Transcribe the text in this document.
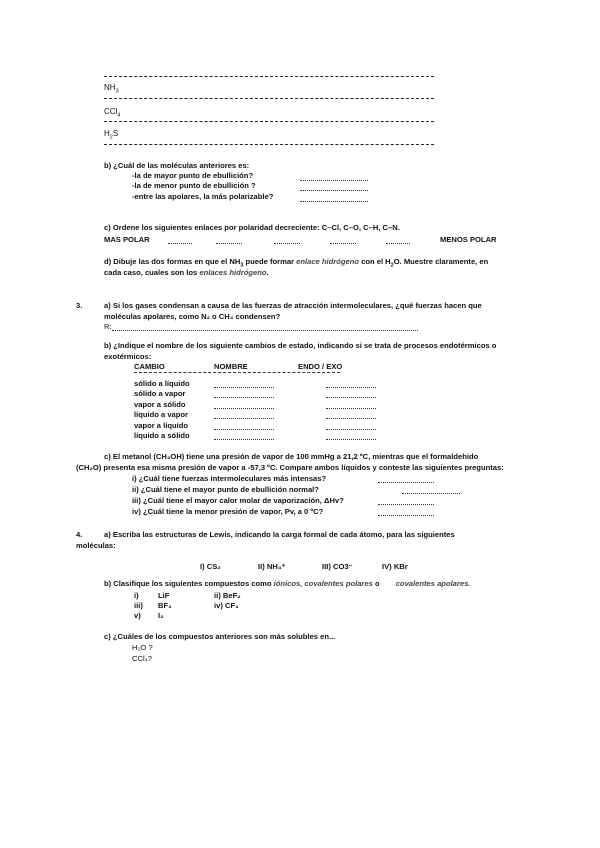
$NH_3$
CCl$_4$
$H_2S$
b) ¿Cuál de las moléculas anteriores es:
-la de mayor punto de ebullición?
-la de menor punto de ebullición ?
-entre las apolares, la más polarizable?
c) Ordene los siguientes enlaces por polaridad decreciente: C–Cl, C–O, C–H, C–N.
MAS POLAR	MENOS POLAR
d) Dibuje las dos formas en que el $NH_3$ puede formar enlace hidrógeno con el $H_2O$. Muestre claramente, en
cada caso, cuales son los enlaces hidrógeno.
3.	a) Si los gases condensan a causa de las fuerzas de atracción intermoleculares, ¿qué fuerzas hacen que
moléculas apolares, como N₂ o CH₄ condensen?
R:
b) ¿Indique el nombre de los siguiente cambios de estado, indicando si se trata de procesos endotérmicos o
exotérmicos:
CAMBIO	NOMBRE	ENDO / EXO
sólido a líquido
sólido a vapor
vapor a sólido
líquido a vapor
vapor a líquido
líquido a sólido
c) El metanol (CH₃OH) tiene una presión de vapor de 100 mmHg a 21,2 ºC, mientras que el formaldehido
(CH₂O) presenta esa misma presión de vapor a -57,3 ºC. Compare ambos líquidos y conteste las siguientes preguntas:
i) ¿Cuál tiene fuerzas intermoleculares más intensas?
ii) ¿Cuál tiene el mayor punto de ebullición normal?
iii) ¿Cuál tiene el mayor calor molar de vaporización, ΔHv?
iv) ¿Cuál tiene la menor presión de vapor, Pv, a 0 ºC?
4.	a) Escriba las estructuras de Lewis, indicando la carga formal de cada átomo, para las siguientes
moléculas:
I) CS₂	II) NH₄⁺	III) CO3⁻	IV) KBr
b) Clasifique los siguientes compuestos como iónicos, covalentes polares o covalentes apolares.
i)	LiF	ii) BeF₂
iii) BF₃	iv) CF₄
v) I₂
c) ¿Cuáles de los compuestos anteriores son más solubles en...
H₂O ?
CCl₄?
